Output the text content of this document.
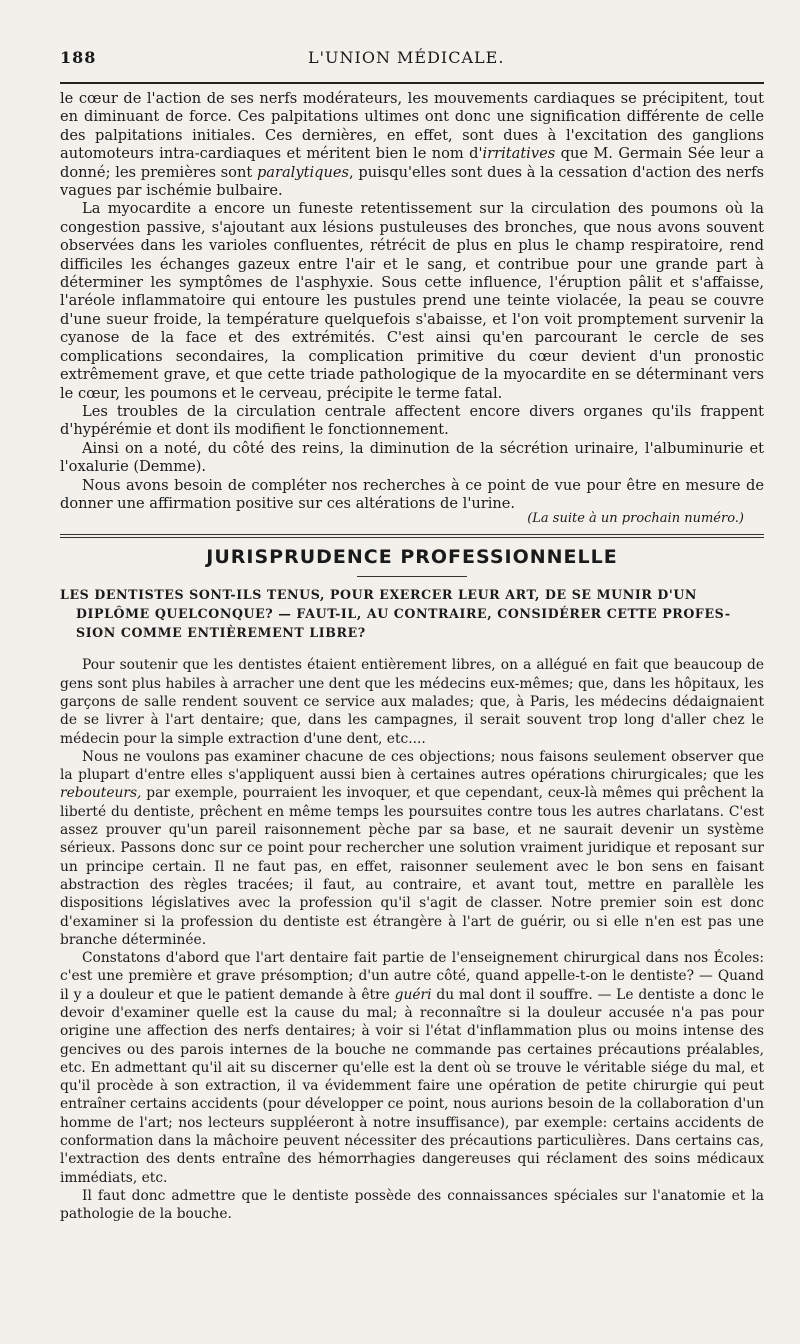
188	L'UNION MÉDICALE.

le cœur de l'action de ses nerfs modérateurs, les mouvements cardiaques se précipitent, tout en diminuant de force. Ces palpitations ultimes ont donc une signification différente de celle des palpitations initiales. Ces dernières, en effet, sont dues à l'excitation des ganglions automoteurs intra-cardiaques et méritent bien le nom d'irritatives que M. Germain Sée leur a donné; les premières sont paralytiques, puisqu'elles sont dues à la cessation d'action des nerfs vagues par ischémie bulbaire.

La myocardite a encore un funeste retentissement sur la circulation des poumons où la congestion passive, s'ajoutant aux lésions pustuleuses des bronches, que nous avons souvent observées dans les varioles confluentes, rétrécit de plus en plus le champ respiratoire, rend difficiles les échanges gazeux entre l'air et le sang, et contribue pour une grande part à déterminer les symptômes de l'asphyxie. Sous cette influence, l'éruption pâlit et s'affaisse, l'aréole inflammatoire qui entoure les pustules prend une teinte violacée, la peau se couvre d'une sueur froide, la température quelquefois s'abaisse, et l'on voit promptement survenir la cyanose de la face et des extrémités. C'est ainsi qu'en parcourant le cercle de ses complications secondaires, la complication primitive du cœur devient d'un pronostic extrêmement grave, et que cette triade pathologique de la myocardite en se déterminant vers le cœur, les poumons et le cerveau, précipite le terme fatal.

Les troubles de la circulation centrale affectent encore divers organes qu'ils frappent d'hypérémie et dont ils modifient le fonctionnement.

Ainsi on a noté, du côté des reins, la diminution de la sécrétion urinaire, l'albuminurie et l'oxalurie (Demme).

Nous avons besoin de compléter nos recherches à ce point de vue pour être en mesure de donner une affirmation positive sur ces altérations de l'urine.

(La suite à un prochain numéro.)
JURISPRUDENCE PROFESSIONNELLE
LES DENTISTES SONT-ILS TENUS, POUR EXERCER LEUR ART, DE SE MUNIR D'UN
DIPLÔME QUELCONQUE? — FAUT-IL, AU CONTRAIRE, CONSIDÉRER CETTE PROFES-
SION COMME ENTIÈREMENT LIBRE?

Pour soutenir que les dentistes étaient entièrement libres, on a allégué en fait que beaucoup de gens sont plus habiles à arracher une dent que les médecins eux-mêmes; que, dans les hôpitaux, les garçons de salle rendent souvent ce service aux malades; que, à Paris, les médecins dédaignaient de se livrer à l'art dentaire; que, dans les campagnes, il serait souvent trop long d'aller chez le médecin pour la simple extraction d'une dent, etc....

Nous ne voulons pas examiner chacune de ces objections; nous faisons seulement observer que la plupart d'entre elles s'appliquent aussi bien à certaines autres opérations chirurgicales; que les rebouteurs, par exemple, pourraient les invoquer, et que cependant, ceux-là mêmes qui prêchent la liberté du dentiste, prêchent en même temps les poursuites contre tous les autres charlatans. C'est assez prouver qu'un pareil raisonnement pèche par sa base, et ne saurait devenir un système sérieux. Passons donc sur ce point pour rechercher une solution vraiment juridique et reposant sur un principe certain. Il ne faut pas, en effet, raisonner seulement avec le bon sens en faisant abstraction des règles tracées; il faut, au contraire, et avant tout, mettre en parallèle les dispositions législatives avec la profession qu'il s'agit de classer. Notre premier soin est donc d'examiner si la profession du dentiste est étrangère à l'art de guérir, ou si elle n'en est pas une branche déterminée.

Constatons d'abord que l'art dentaire fait partie de l'enseignement chirurgical dans nos Écoles: c'est une première et grave présomption; d'un autre côté, quand appelle-t-on le dentiste? — Quand il y a douleur et que le patient demande à être guéri du mal dont il souffre. — Le dentiste a donc le devoir d'examiner quelle est la cause du mal; à reconnaître si la douleur accusée n'a pas pour origine une affection des nerfs dentaires; à voir si l'état d'inflammation plus ou moins intense des gencives ou des parois internes de la bouche ne commande pas certaines précautions préalables, etc. En admettant qu'il ait su discerner qu'elle est la dent où se trouve le véritable siége du mal, et qu'il procède à son extraction, il va évidemment faire une opération de petite chirurgie qui peut entraîner certains accidents (pour développer ce point, nous aurions besoin de la collaboration d'un homme de l'art; nos lecteurs suppléeront à notre insuffisance), par exemple: certains accidents de conformation dans la mâchoire peuvent nécessiter des précautions particulières. Dans certains cas, l'extraction des dents entraîne des hémorrhagies dangereuses qui réclament des soins médicaux immédiats, etc.

Il faut donc admettre que le dentiste possède des connaissances spéciales sur l'anatomie et la pathologie de la bouche.
